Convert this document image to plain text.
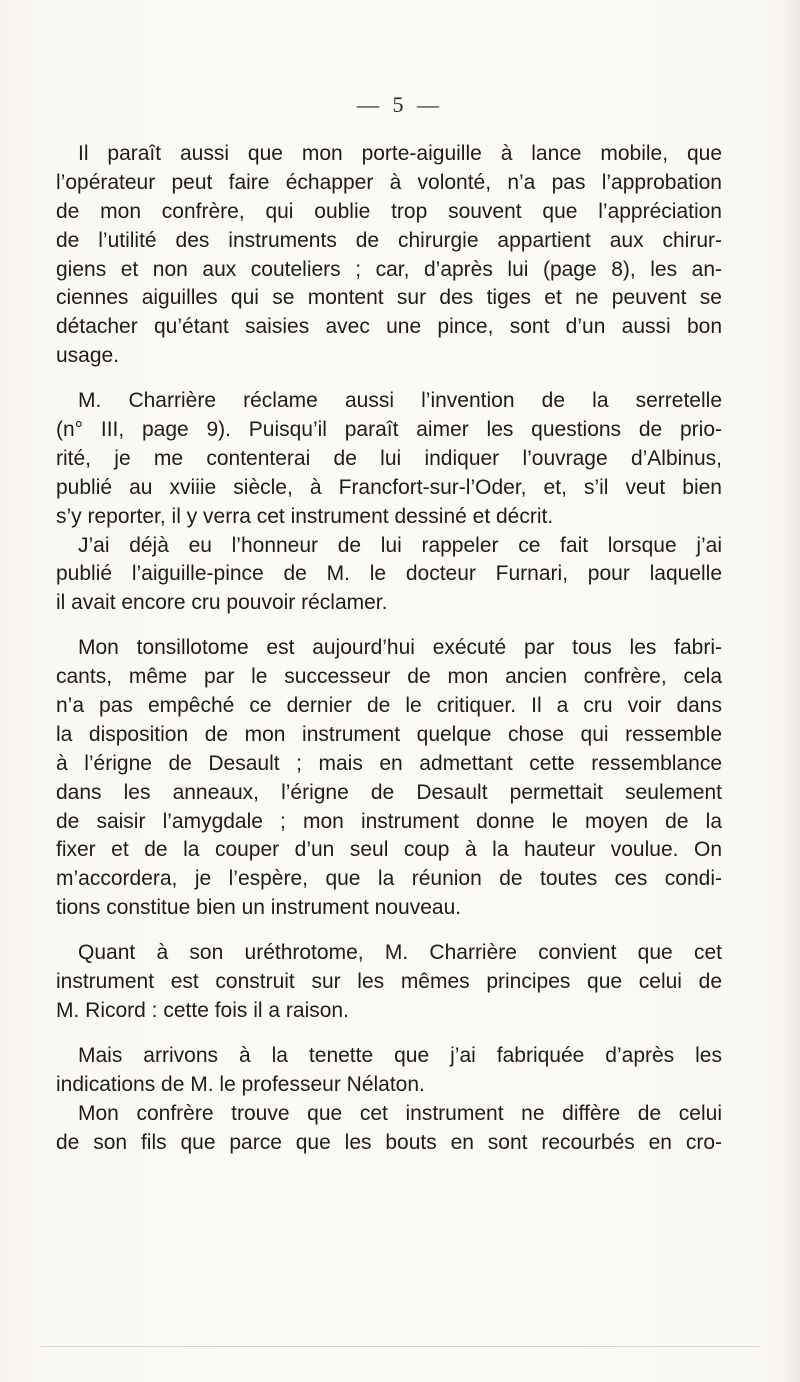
— 5 —
Il paraît aussi que mon porte-aiguille à lance mobile, que
l’opérateur peut faire échapper à volonté, n’a pas l’approbation
de mon confrère, qui oublie trop souvent que l’appréciation
de l’utilité des instruments de chirurgie appartient aux chirur-
giens et non aux couteliers ; car, d’après lui (page 8), les an-
ciennes aiguilles qui se montent sur des tiges et ne peuvent se
détacher qu’étant saisies avec une pince, sont d’un aussi bon
usage.
M. Charrière réclame aussi l’invention de la serretelle
(n° III, page 9). Puisqu’il paraît aimer les questions de prio-
rité, je me contenterai de lui indiquer l’ouvrage d’Albinus,
publié au xviiie siècle, à Francfort-sur-l’Oder, et, s’il veut bien
s’y reporter, il y verra cet instrument dessiné et décrit.
J’ai déjà eu l’honneur de lui rappeler ce fait lorsque j’ai
publié l’aiguille-pince de M. le docteur Furnari, pour laquelle
il avait encore cru pouvoir réclamer.
Mon tonsillotome est aujourd’hui exécuté par tous les fabri-
cants, même par le successeur de mon ancien confrère, cela
n’a pas empêché ce dernier de le critiquer. Il a cru voir dans
la disposition de mon instrument quelque chose qui ressemble
à l’érigne de Desault ; mais en admettant cette ressemblance
dans les anneaux, l’érigne de Desault permettait seulement
de saisir l’amygdale ; mon instrument donne le moyen de la
fixer et de la couper d’un seul coup à la hauteur voulue. On
m’accordera, je l’espère, que la réunion de toutes ces condi-
tions constitue bien un instrument nouveau.
Quant à son uréthrotome, M. Charrière convient que cet
instrument est construit sur les mêmes principes que celui de
M. Ricord : cette fois il a raison.
Mais arrivons à la tenette que j’ai fabriquée d’après les
indications de M. le professeur Nélaton.
Mon confrère trouve que cet instrument ne diffère de celui
de son fils que parce que les bouts en sont recourbés en cro-
